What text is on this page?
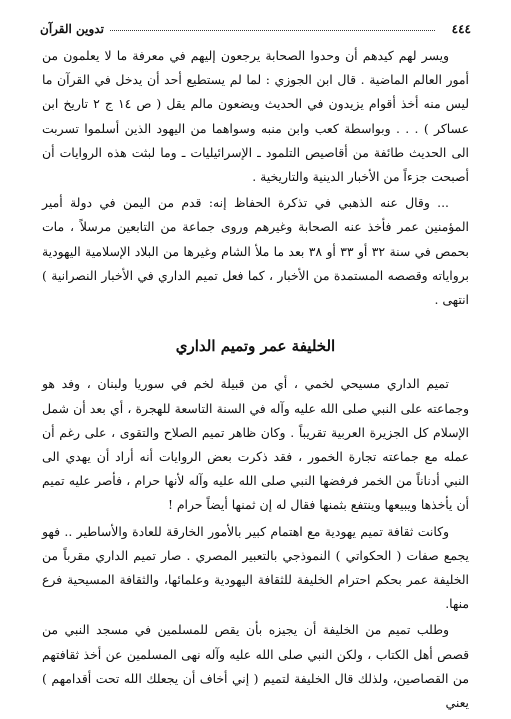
٤٤٤
تدوين القرآن

ويسر لهم كيدهم أن وحدوا الصحابة يرجعون إليهم في معرفة ما لا يعلمون من أمور العالم الماضية . قال ابن الجوزي : لما لم يستطيع أحد أن يدخل في القرآن ما ليس منه أخذ أقوام يزيدون في الحديث ويضعون مالم يقل ( ص ١٤ ج ٢ تاريخ ابن عساكر ) . . . وبواسطة كعب وابن منبه وسواهما من اليهود الذين أسلموا تسربت الى الحديث طائفة من أقاصيص التلمود ـ الإسرائيليات ـ وما لبثت هذه الروايات أن أصبحت جزءاً من الأخبار الدينية والتاريخية .

... وقال عنه الذهبي في تذكرة الحفاظ إنه: قدم من اليمن في دولة أمير المؤمنين عمر فأخذ عنه الصحابة وغيرهم وروى جماعة من التابعين مرسلاً ، مات بحمص في سنة ٣٢ أو ٣٣ أو ٣٨ بعد ما ملأ الشام وغيرها من البلاد الإسلامية اليهودية برواياته وقصصه المستمدة من الأخبار ، كما فعل تميم الداري في الأخبار النصرانية ) انتهى .

الخليفة عمر وتميم الداري

تميم الداري مسيحي لخمي ، أي من قبيلة لخم في سوريا ولبنان ، وفد هو وجماعته على النبي صلى الله عليه وآله في السنة التاسعة للهجرة ، أي بعد أن شمل الإسلام كل الجزيرة العربية تقريباً . وكان ظاهر تميم الصلاح والتقوى ، على رغم أن عمله مع جماعته تجارة الخمور ، فقد ذكرت بعض الروايات أنه أراد أن يهدي الى النبي أدناناً من الخمر فرفضها النبي صلى الله عليه وآله لأنها حرام ، فأصر عليه تميم أن يأخذها ويبيعها وينتفع بثمنها فقال له إن ثمنها أيضاً حرام !

وكانت ثقافة تميم يهودية مع اهتمام كبير بالأمور الخارقة للعادة والأساطير .. فهو يجمع صفات ( الحكواتي ) النموذجي بالتعبير المصري . صار تميم الداري مقرباً من الخليفة عمر بحكم احترام الخليفة للثقافة اليهودية وعلمائها، والثقافة المسيحية فرع منها.

وطلب تميم من الخليفة أن يجيزه بأن يقص للمسلمين في مسجد النبي من قصص أهل الكتاب ، ولكن النبي صلى الله عليه وآله نهى المسلمين عن أخذ ثقافتهم من القصاصين، ولذلك قال الخليفة لتميم ( إني أخاف أن يجعلك الله تحت أقدامهم ) يعني
